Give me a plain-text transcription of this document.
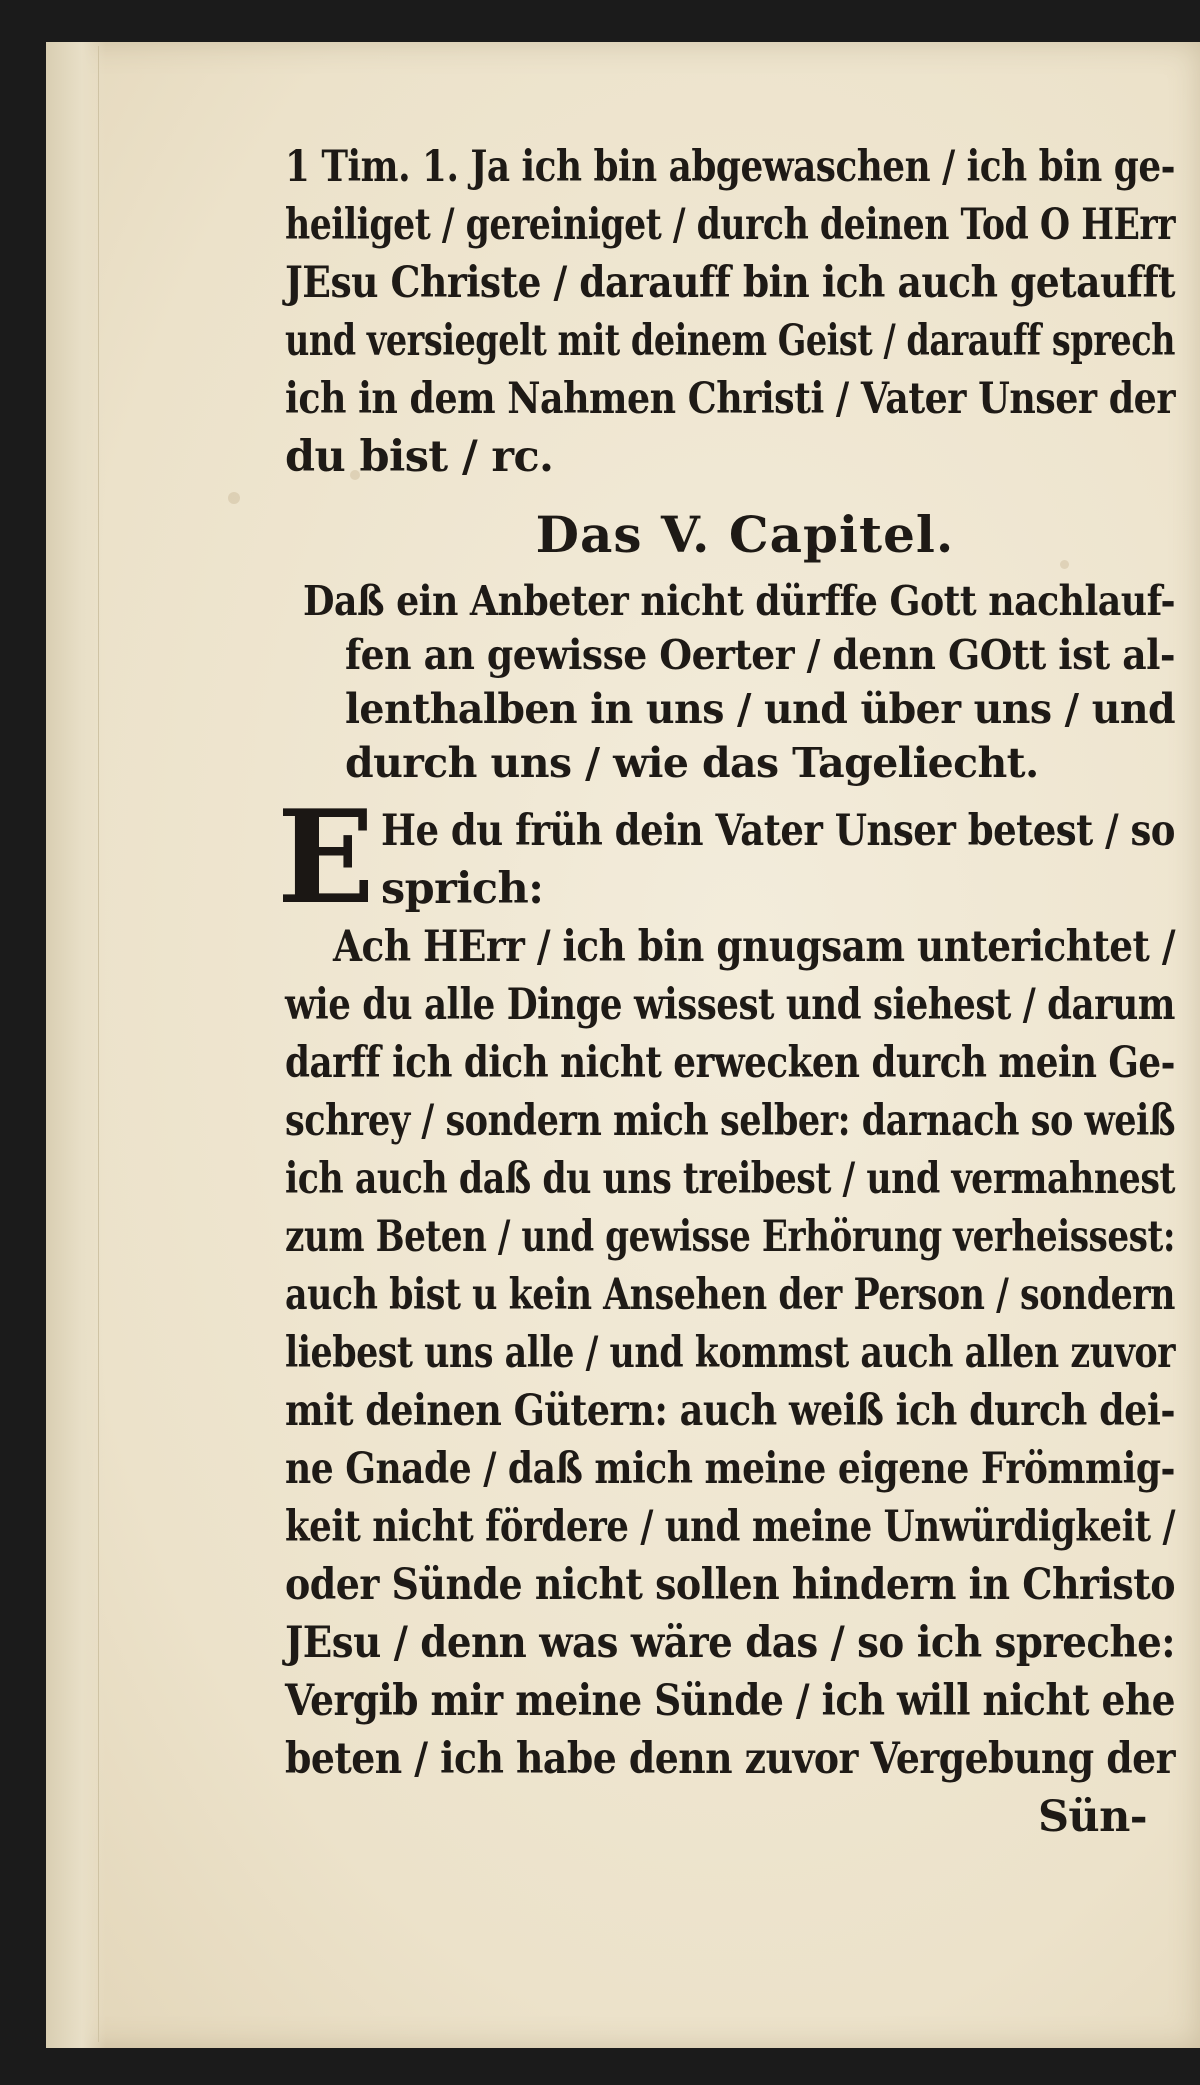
1 Tim. 1. Ja ich bin abgewaschen / ich bin ge-
heiliget / gereiniget / durch deinen Tod O HErr
JEsu Christe / darauff bin ich auch getaufft
und versiegelt mit deinem Geist / darauff sprech
ich in dem Nahmen Christi / Vater Unser der
du bist / rc.
Das V. Capitel.
Daß ein Anbeter nicht dürffe Gott nachlauf-
fen an gewisse Oerter / denn GOtt ist al-
lenthalben in uns / und über uns / und
durch uns / wie das Tageliecht.
E He du früh dein Vater Unser betest / so
sprich:
Ach HErr / ich bin gnugsam unterichtet /
wie du alle Dinge wissest und siehest / darum
darff ich dich nicht erwecken durch mein Ge-
schrey / sondern mich selber: darnach so weiß
ich auch daß du uns treibest / und vermahnest
zum Beten / und gewisse Erhörung verheissest:
auch bist u kein Ansehen der Person / sondern
liebest uns alle / und kommst auch allen zuvor
mit deinen Gütern: auch weiß ich durch dei-
ne Gnade / daß mich meine eigene Frömmig-
keit nicht fördere / und meine Unwürdigkeit /
oder Sünde nicht sollen hindern in Christo
JEsu / denn was wäre das / so ich spreche:
Vergib mir meine Sünde / ich will nicht ehe
beten / ich habe denn zuvor Vergebung der
Sün-
